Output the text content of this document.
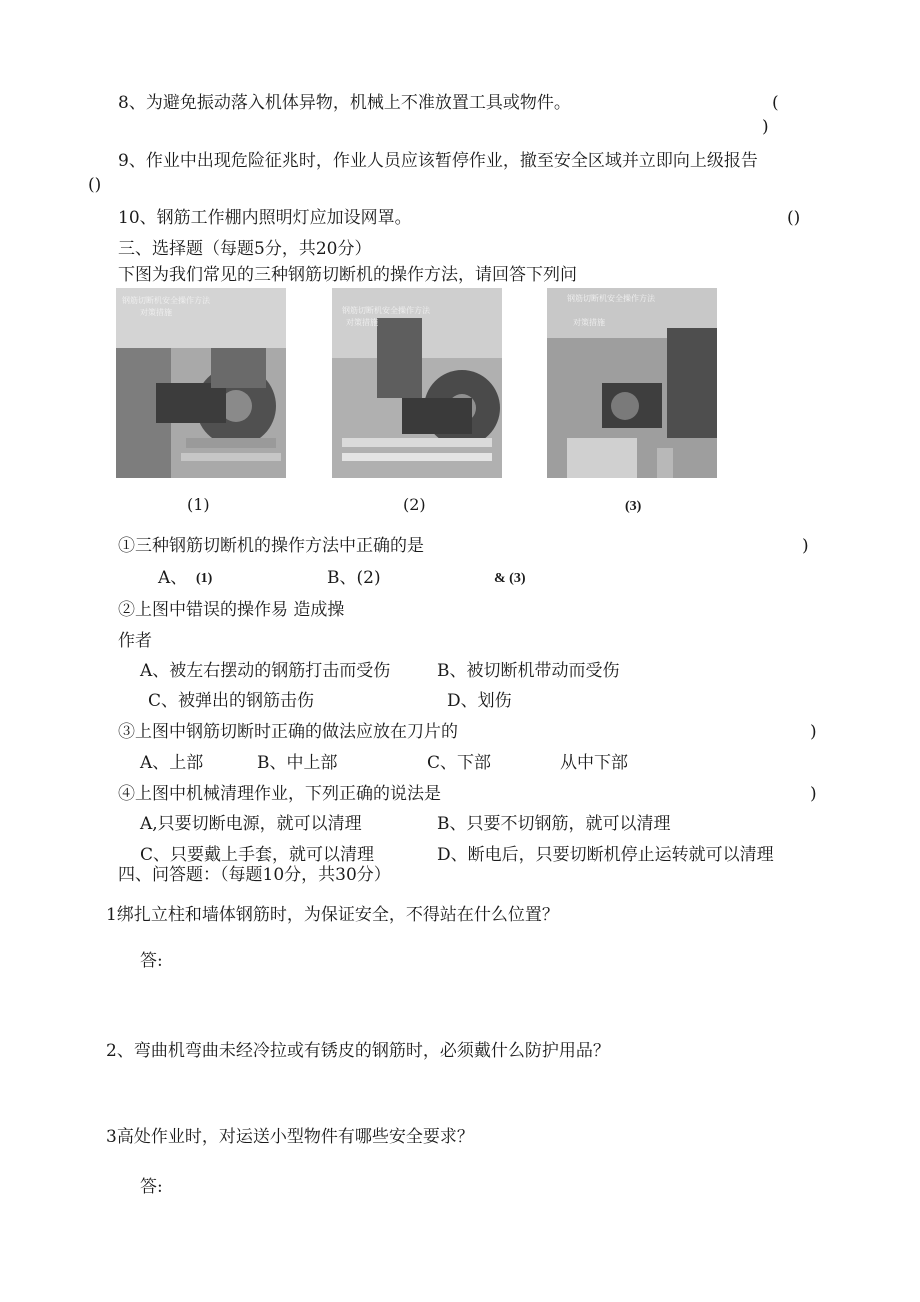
8、为避免振动落入机体异物，机械上不准放置工具或物件。	(
)
9、作业中出现危险征兆时，作业人员应该暂停作业，撤至安全区域并立即向上级报告
()
10、钢筋工作棚内照明灯应加设网罩。	()
三、选择题（每题5分，共20分）
下图为我们常见的三种钢筋切断机的操作方法，请回答下列问
钢筋切断机安全操作方法
对策措施	钢筋切断机安全操作方法
对策措施
钢筋切断机安全操作方法
对策措施
(1)	(2)	(3)
①三种钢筋切断机的操作方法中正确的是	)
A、 (1)	B、(2)	& (3)
②上图中错误的操作易 造成操
作者
A、被左右摆动的钢筋打击而受伤	B、被切断机带动而受伤
C、被弹出的钢筋击伤	D、划伤
③上图中钢筋切断时正确的做法应放在刀片的	)
A、上部	B、中上部	C、下部	从中下部
④上图中机械清理作业，下列正确的说法是	)
A,只要切断电源，就可以清理	B、只要不切钢筋，就可以清理
C、只要戴上手套，就可以清理	D、断电后，只要切断机停止运转就可以清理
四、问答题：（每题10分，共30分）
1绑扎立柱和墙体钢筋时，为保证安全，不得站在什么位置？
答:
2、弯曲机弯曲未经冷拉或有锈皮的钢筋时，必须戴什么防护用品？
3高处作业时，对运送小型物件有哪些安全要求？
答:
